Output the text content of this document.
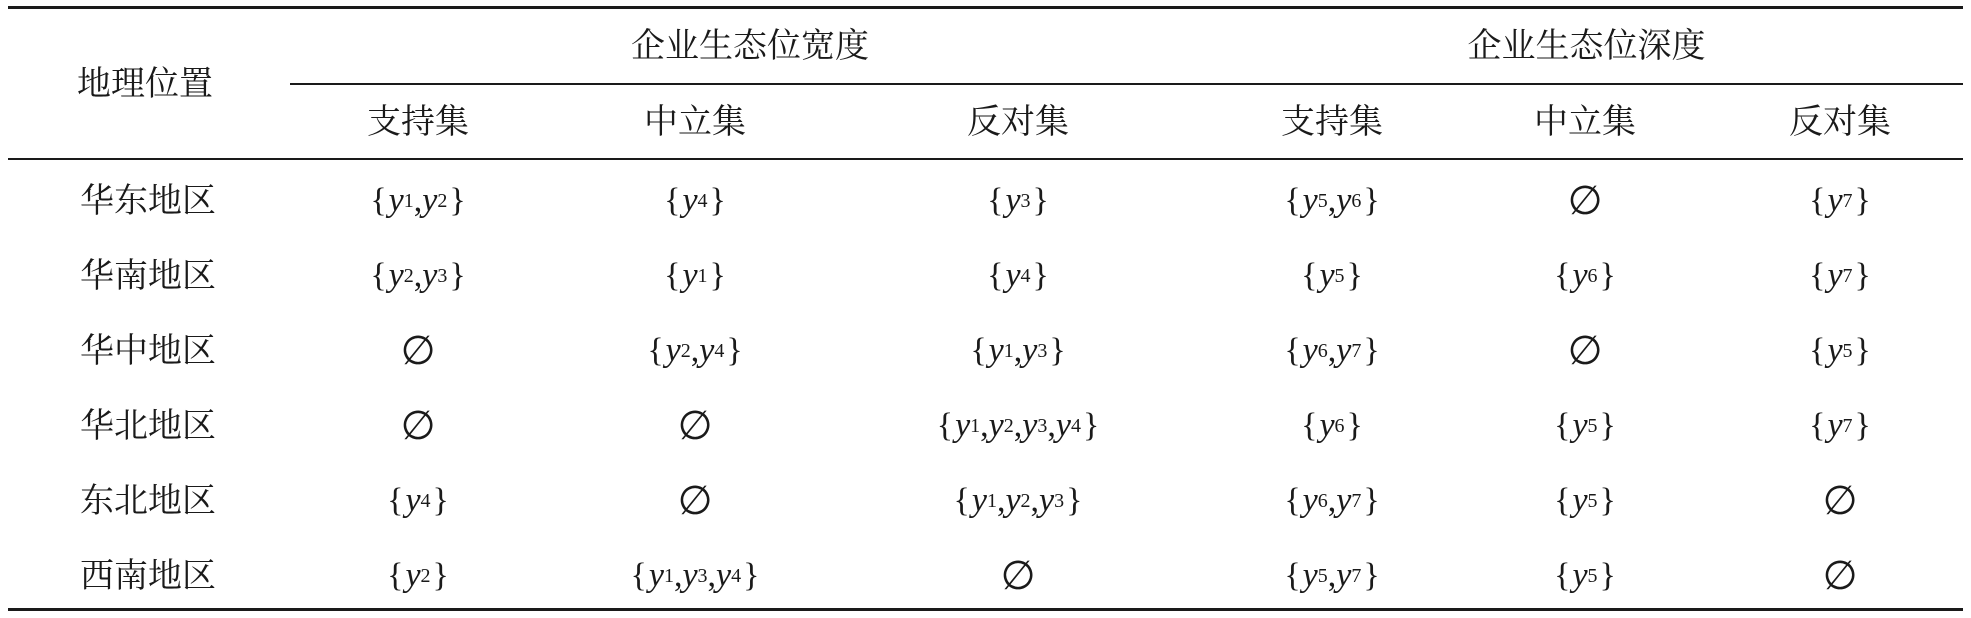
地理位置
企业生态位宽度	企业生态位深度
支持集	中立集	反对集	支持集	中立集	反对集
华东地区	{ y 1 , y 2 }	{ y 4 }	{ y 3 }	{ y 5 , y 6 }	∅	{ y 7 }
华南地区	{ y 2 , y 3 }	{ y 1 }	{ y 4 }	{ y 5 }	{ y 6 }	{ y 7 }
华中地区	∅	{ y 2 , y 4 }	{ y 1 , y 3 }	{ y 6 , y 7 }	∅	{ y 5 }
华北地区	∅	∅	{ y 1 , y 2 , y 3 , y 4 }	{ y 6 }	{ y 5 }	{ y 7 }
东北地区	{ y 4 }	∅	{ y 1 , y 2 , y 3 }	{ y 6 , y 7 }	{ y 5 }	∅
西南地区	{ y 2 }	{ y 1 , y 3 , y 4 }	∅	{ y 5 , y 7 }	{ y 5 }	∅
